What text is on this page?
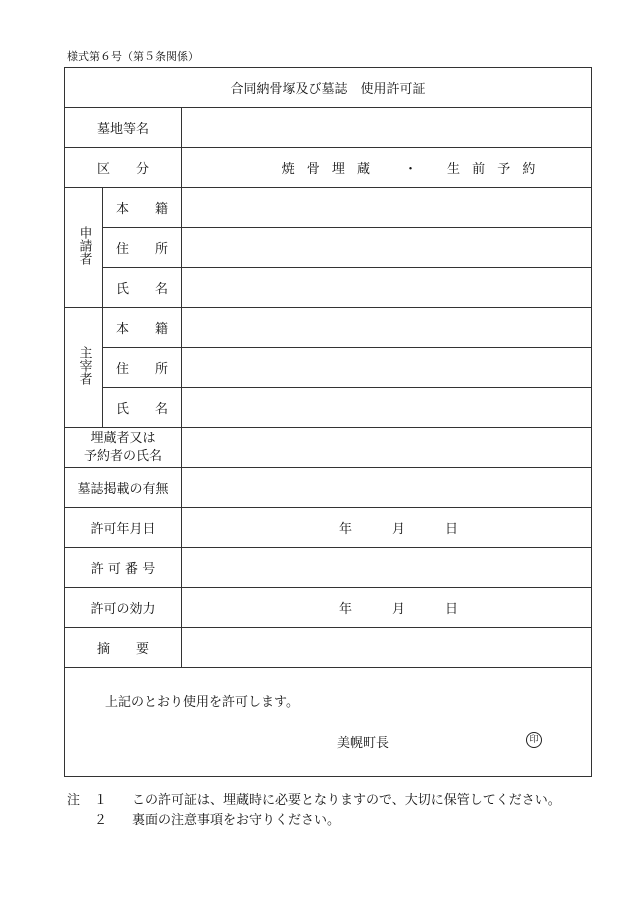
様式第６号（第５条関係）
合同納骨塚及び墓誌　使用許可証		
墓地等名		
区　　分		焼 骨 埋 蔵 ・ 生 前 予 約

申請者	本　　籍	
	住　　所	
	氏　　名	
主宰者	本　　籍	
	住　　所	
	氏　　名	

埋蔵者又は
予約者の氏名		

墓誌掲載の有無		
許可年月日		年 月 日

許 可 番 号		
許可の効力		年 月 日

摘　　要		

上記のとおり使用を許可します。
美幌町長 印		
注 １ この許可証は、埋蔵時に必要となりますので、大切に保管してください。
２ 裏面の注意事項をお守りください。
